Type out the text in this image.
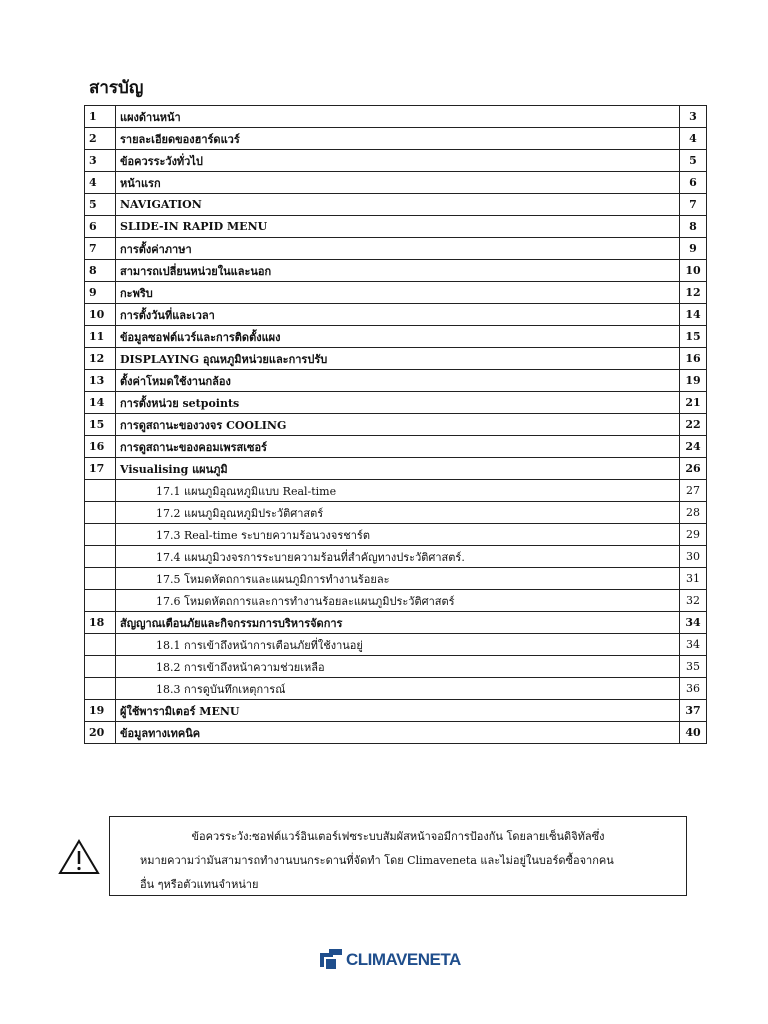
สารบัญ
1	แผงด้านหน้า	3
2	รายละเอียดของฮาร์ดแวร์	4
3	ข้อควรระวังทั่วไป	5
4	หน้าแรก	6
5	NAVIGATION	7
6	SLIDE-IN RAPID MENU	8
7	การตั้งค่าภาษา	9
8	สามารถเปลี่ยนหน่วยในและนอก	10
9	กะพริบ	12
10	การตั้งวันที่และเวลา	14
11	ข้อมูลซอฟต์แวร์และการติดตั้งแผง	15
12	DISPLAYING อุณหภูมิหน่วยและการปรับ	16
13	ตั้งค่าโหมดใช้งานกล้อง	19
14	การตั้งหน่วย setpoints	21
15	การดูสถานะของวงจร COOLING	22
16	การดูสถานะของคอมเพรสเซอร์	24
17	Visualising แผนภูมิ	26
	17.1 แผนภูมิอุณหภูมิแบบ Real-time	27
	17.2 แผนภูมิอุณหภูมิประวัติศาสตร์	28
	17.3 Real-time ระบายความร้อนวงจรชาร์ต	29
	17.4 แผนภูมิวงจรการระบายความร้อนที่สำคัญทางประวัติศาสตร์.	30
	17.5 โหมดหัตถการและแผนภูมิการทำงานร้อยละ	31
	17.6 โหมดหัตถการและการทำงานร้อยละแผนภูมิประวัติศาสตร์	32
18	สัญญาณเตือนภัยและกิจกรรมการบริหารจัดการ	34
	18.1 การเข้าถึงหน้าการเตือนภัยที่ใช้งานอยู่	34
	18.2 การเข้าถึงหน้าความช่วยเหลือ	35
	18.3 การดูบันทึกเหตุการณ์	36
19	ผู้ใช้พารามิเตอร์ MENU	37
20	ข้อมูลทางเทคนิค	40
ข้อควรระวัง:ซอฟต์แวร์อินเตอร์เฟซระบบสัมผัสหน้าจอมีการป้องกัน โดยลายเซ็นดิจิทัลซึ่ง
หมายความว่ามันสามารถทำงานบนกระดานที่จัดทำ โดย Climaveneta และไม่อยู่ในบอร์ดซื้อจากคน
อื่น ๆหรือตัวแทนจำหน่าย
CLIMAVENETA
